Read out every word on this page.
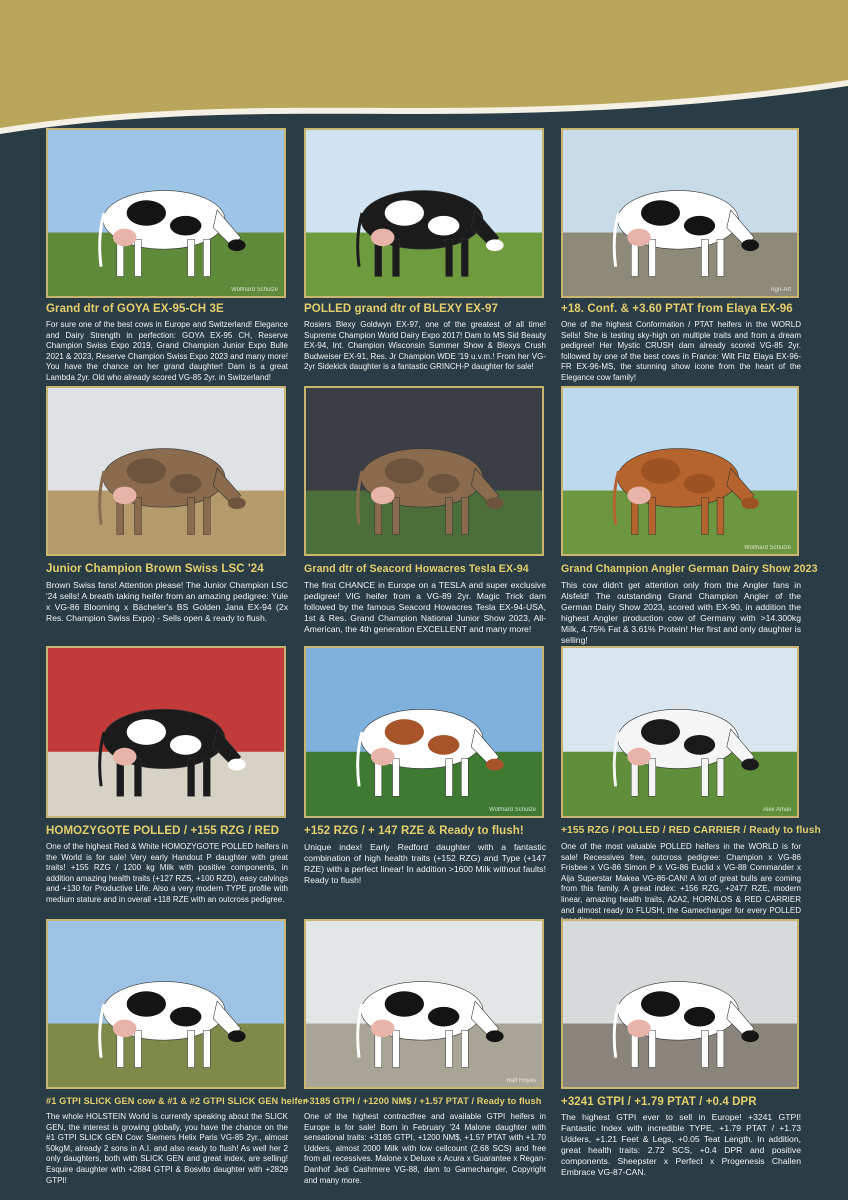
Wolfhard Schulze
Grand dtr of GOYA EX-95-CH 3E
For sure one of the best cows in Europe and Switzerland! Elegance and Dairy Strength in perfection: GOYA EX-95 CH, Reserve Champion Swiss Expo 2019, Grand Champion Junior Expo Bulle 2021 & 2023, Reserve Champion Swiss Expo 2023 and many more! You have the chance on her grand daughter! Dam is a great Lambda 2yr. Old who already scored VG-85 2yr. in Switzerland!
POLLED grand dtr of BLEXY EX-97
Rosiers Blexy Goldwyn EX-97, one of the greatest of all time! Supreme Champion World Dairy Expo 2017! Dam to MS Sid Beauty EX-94, Int. Champion Wisconsin Summer Show & Blexys Crush Budweiser EX-91, Res. Jr Champion WDE '19 u.v.m.! From her VG-2yr Sidekick daughter is a fantastic GRINCH-P daughter for sale!
Agri-Art
+18. Conf. & +3.60 PTAT from Elaya EX-96
One of the highest Conformation / PTAT heifers in the WORLD Sells! She is testing sky-high on multiple traits and from a dream pedigree! Her Mystic CRUSH dam already scored VG-85 2yr. followed by one of the best cows in France: Wilt Fitz Elaya EX-96-FR EX-96-MS, the stunning show icone from the heart of the Elegance cow family!
Junior Champion Brown Swiss LSC '24
Brown Swiss fans! Attention please! The Junior Champion LSC '24 sells! A breath taking heifer from an amazing pedigree: Yule x VG-86 Blooming x Bächeler's BS Golden Jana EX-94 (2x Res. Champion Swiss Expo) - Sells open & ready to flush.
Grand dtr of Seacord Howacres Tesla EX-94
The first CHANCE in Europe on a TESLA and super exclusive pedigree! VIG heifer from a VG-89 2yr. Magic Trick dam followed by the famous Seacord Howacres Tesla EX-94-USA, 1st & Res. Grand Champion National Junior Show 2023, All-American, the 4th generation EXCELLENT and many more!
Wolfhard Schulze
Grand Champion Angler German Dairy Show 2023
This cow didn't get attention only from the Angler fans in Alsfeld! The outstanding Grand Champion Angler of the German Dairy Show 2023, scored with EX-90, in addition the highest Angler production cow of Germany with >14.300kg Milk, 4.75% Fat & 3.61% Protein! Her first and only daughter is selling!
HOMOZYGOTE POLLED / +155 RZG / RED
One of the highest Red & White HOMOZYGOTE POLLED heifers in the World is for sale! Very early Handout P daughter with great traits! +155 RZG / 1200 kg Milk with positive components, in addition amazing health traits (+127 RZS, +100 RZD), easy calvings and +130 for Productive Life. Also a very modern TYPE profile with medium stature and in overall +118 RZE with an outcross pedigree.
Wolfhard Schulze
+152 RZG / + 147 RZE & Ready to flush!
Unique index! Early Redford daughter with a fantastic combination of high health traits (+152 RZG) and Type (+147 RZE) with a perfect linear! In addition >1600 Milk without faults! Ready to flush!
Alex Amali
+155 RZG / POLLED / RED CARRIER / Ready to flush
One of the most valuable POLLED heifers in the WORLD is for sale! Recessives free, outcross pedigree: Champion x VG-86 Frisbee x VG-86 Simon P x VG-86 Euclid x VG-88 Commander x Aija Superstar Makea VG-86-CAN! A lot of great bulls are coming from this family. A great index: +156 RZG, +2477 RZE, modern linear, amazing health traits, A2A2, HORNLOS & RED CARRIER and almost ready to FLUSH, the Gamechanger for every POLLED
#1 GTPI SLICK GEN cow & #1 & #2 GTPI SLICK GEN heifer
The whole HOLSTEIN World is currently speaking about the SLICK GEN, the interest is growing globally, you have the chance on the #1 GTPI SLICK GEN Cow: Siemers Helix Paris VG-85 2yr., almost 50kgM, already 2 sons in A.I. and also ready to flush! As well her 2 only daughters, both with SLICK GEN and great index, are selling! Esquire daughter with +2884 GTPI & Bosvito daughter with +2829 GTPI!
Ralf Hoyes
+3185 GTPI / +1200 NM$ / +1.57 PTAT / Ready to flush
One of the highest contractfree and available GTPI heifers in Europe is for sale! Born in February '24 Malone daughter with sensational traits: +3185 GTPI, +1200 NM$, +1.57 PTAT with +1.70 Udders, almost 2000 Milk with low cellcount (2.68 SCS) and free from all recessives. Malone x Deluxe x Acura x Guarantee x Regan-Danhof Jedi Cashmere VG-88, dam to Gamechanger, Copyright and many more.
+3241 GTPI / +1.79 PTAT / +0.4 DPR
The highest GTPI ever to sell in Europe! +3241 GTPI! Fantastic Index with incredible TYPE, +1.79 PTAT / +1.73 Udders, +1.21 Feet & Legs, +0.05 Teat Length. In addition, great health traits: 2.72 SCS, +0.4 DPR and positive components. Sheepster x Perfect x Progenesis Challen Embrace VG-87-CAN.
